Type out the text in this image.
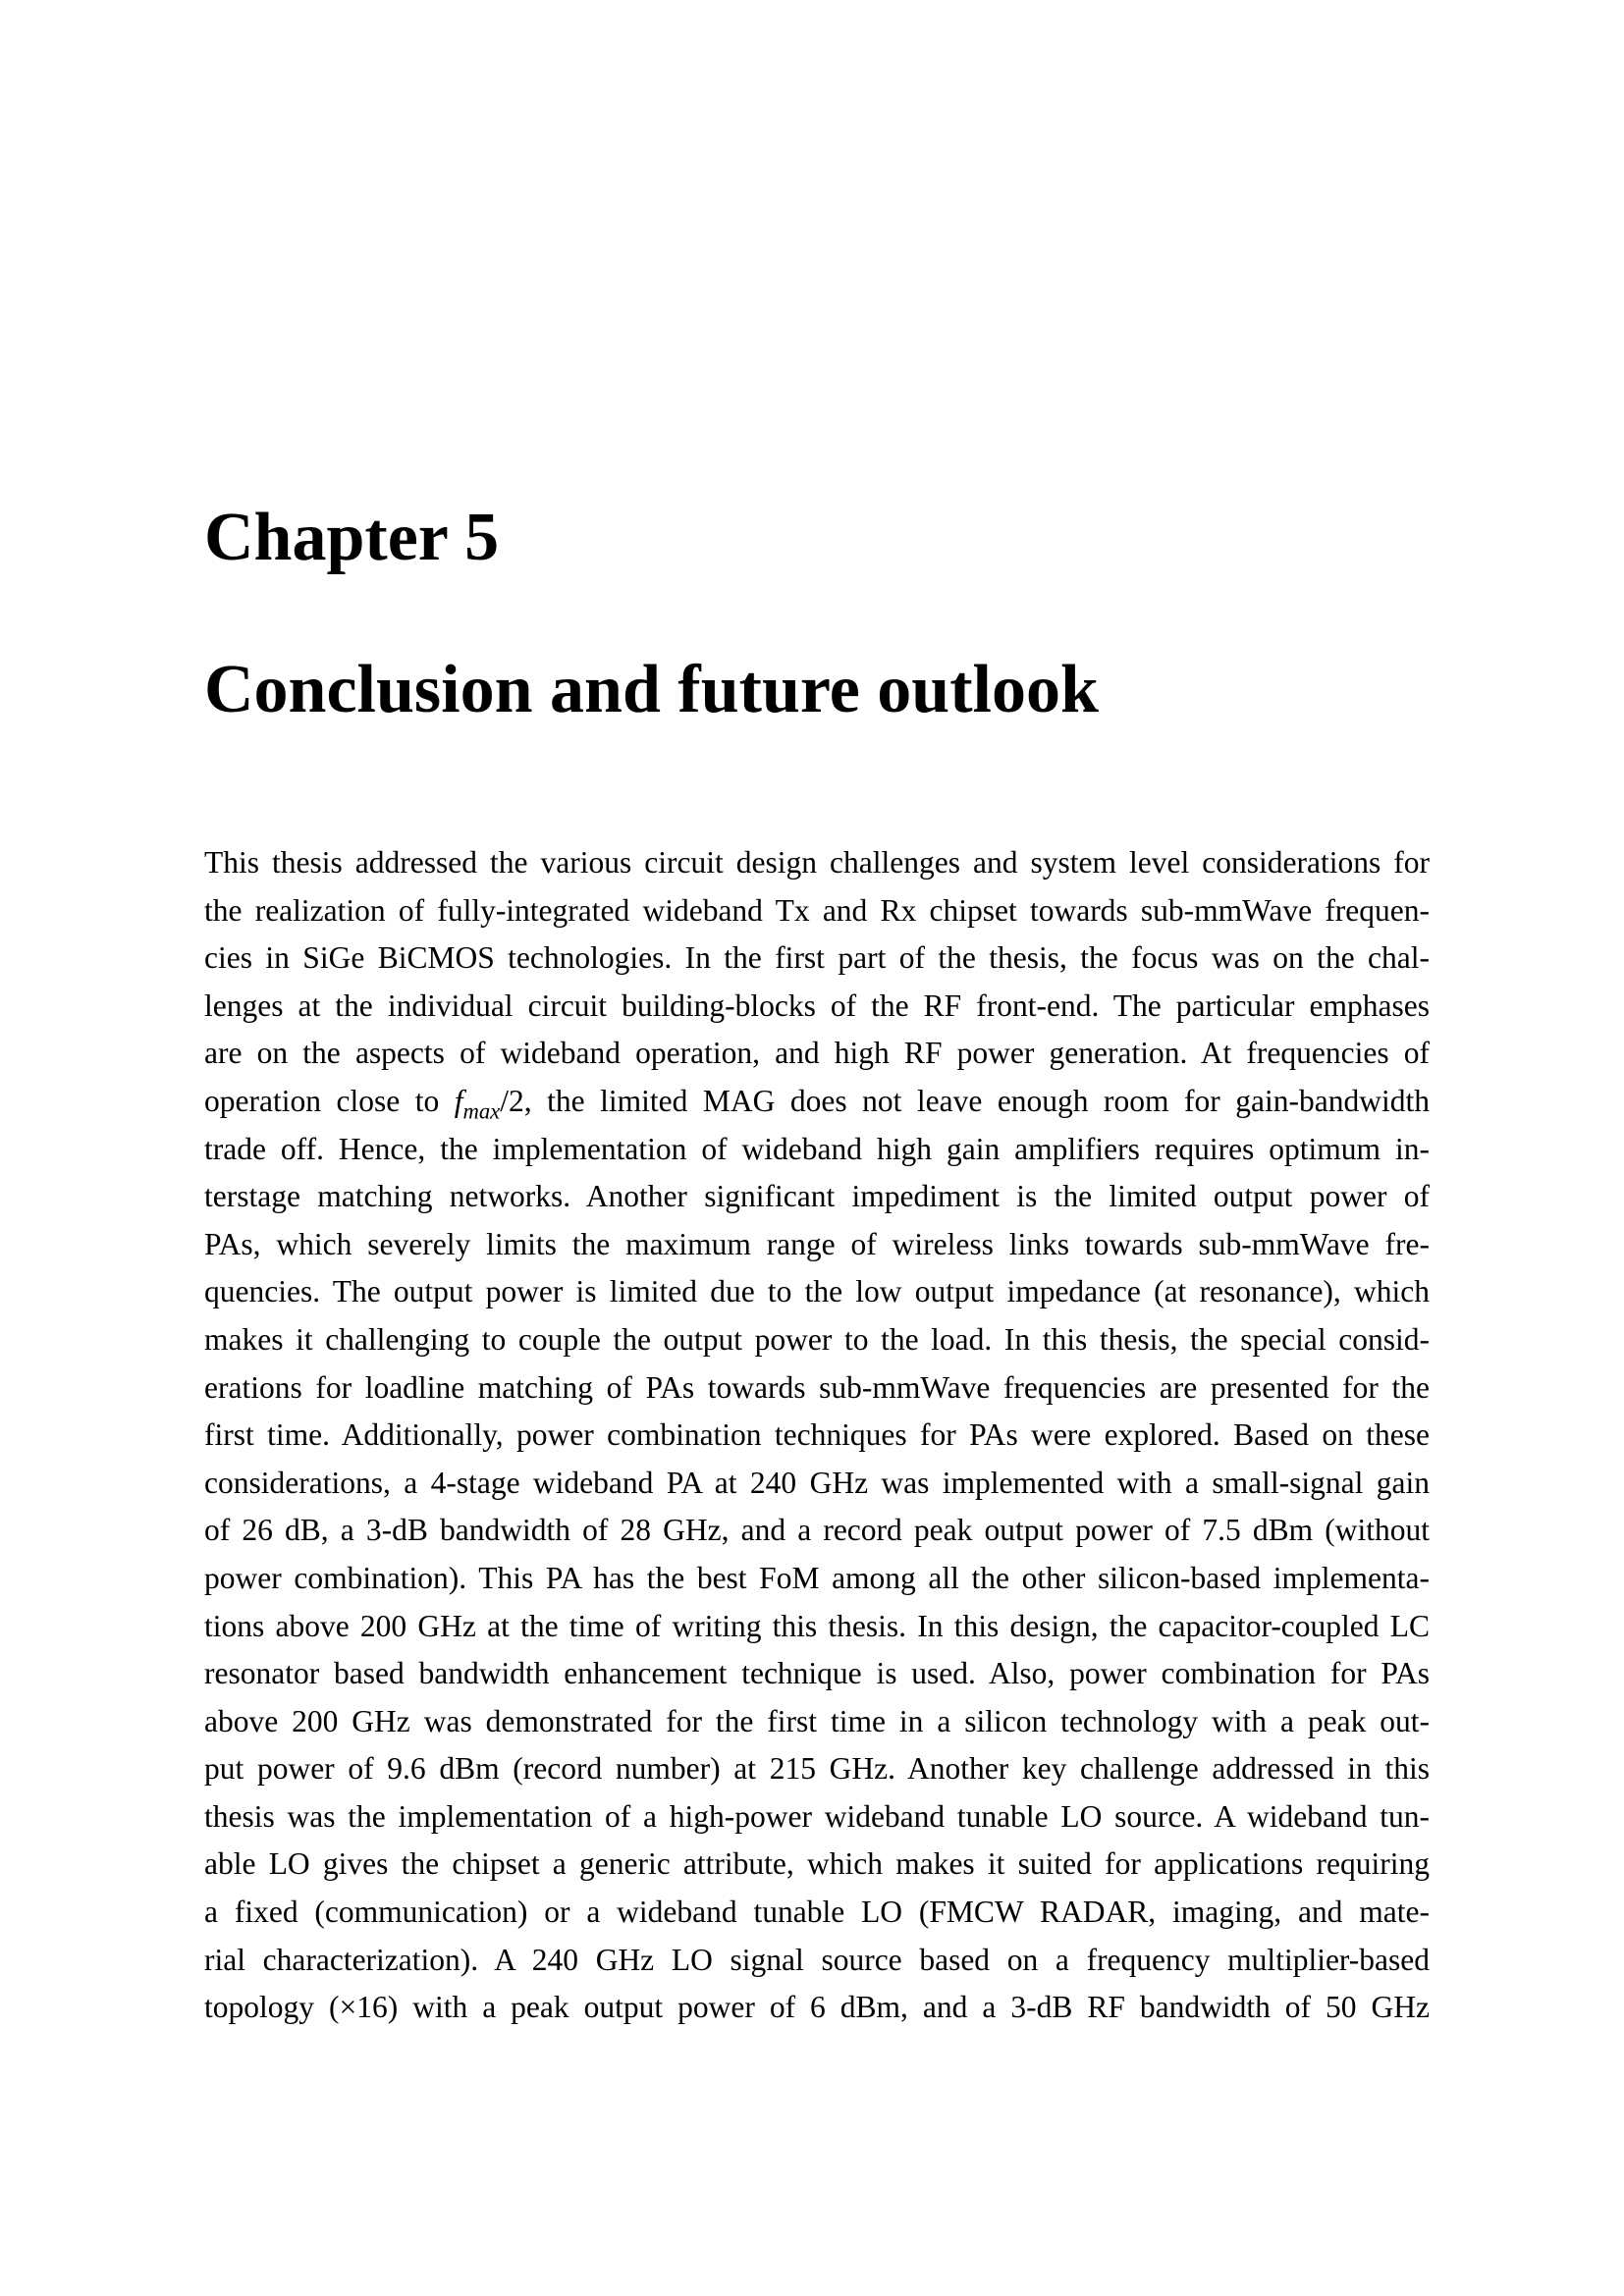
Chapter 5
Conclusion and future outlook
This thesis addressed the various circuit design challenges and system level considerations for
the realization of fully-integrated wideband Tx and Rx chipset towards sub-mmWave frequen-
cies in SiGe BiCMOS technologies. In the first part of the thesis, the focus was on the chal-
lenges at the individual circuit building-blocks of the RF front-end. The particular emphases
are on the aspects of wideband operation, and high RF power generation. At frequencies of
operation close to $f_{max}/2$, the limited MAG does not leave enough room for gain-bandwidth
trade off. Hence, the implementation of wideband high gain amplifiers requires optimum in-
terstage matching networks. Another significant impediment is the limited output power of
PAs, which severely limits the maximum range of wireless links towards sub-mmWave fre-
quencies. The output power is limited due to the low output impedance (at resonance), which
makes it challenging to couple the output power to the load. In this thesis, the special consid-
erations for loadline matching of PAs towards sub-mmWave frequencies are presented for the
first time. Additionally, power combination techniques for PAs were explored. Based on these
considerations, a 4-stage wideband PA at 240 GHz was implemented with a small-signal gain
of 26 dB, a 3-dB bandwidth of 28 GHz, and a record peak output power of 7.5 dBm (without
power combination). This PA has the best FoM among all the other silicon-based implementa-
tions above 200 GHz at the time of writing this thesis. In this design, the capacitor-coupled LC
resonator based bandwidth enhancement technique is used. Also, power combination for PAs
above 200 GHz was demonstrated for the first time in a silicon technology with a peak out-
put power of 9.6 dBm (record number) at 215 GHz. Another key challenge addressed in this
thesis was the implementation of a high-power wideband tunable LO source. A wideband tun-
able LO gives the chipset a generic attribute, which makes it suited for applications requiring
a fixed (communication) or a wideband tunable LO (FMCW RADAR, imaging, and mate-
rial characterization). A 240 GHz LO signal source based on a frequency multiplier-based
topology (×16) with a peak output power of 6 dBm, and a 3-dB RF bandwidth of 50 GHz
